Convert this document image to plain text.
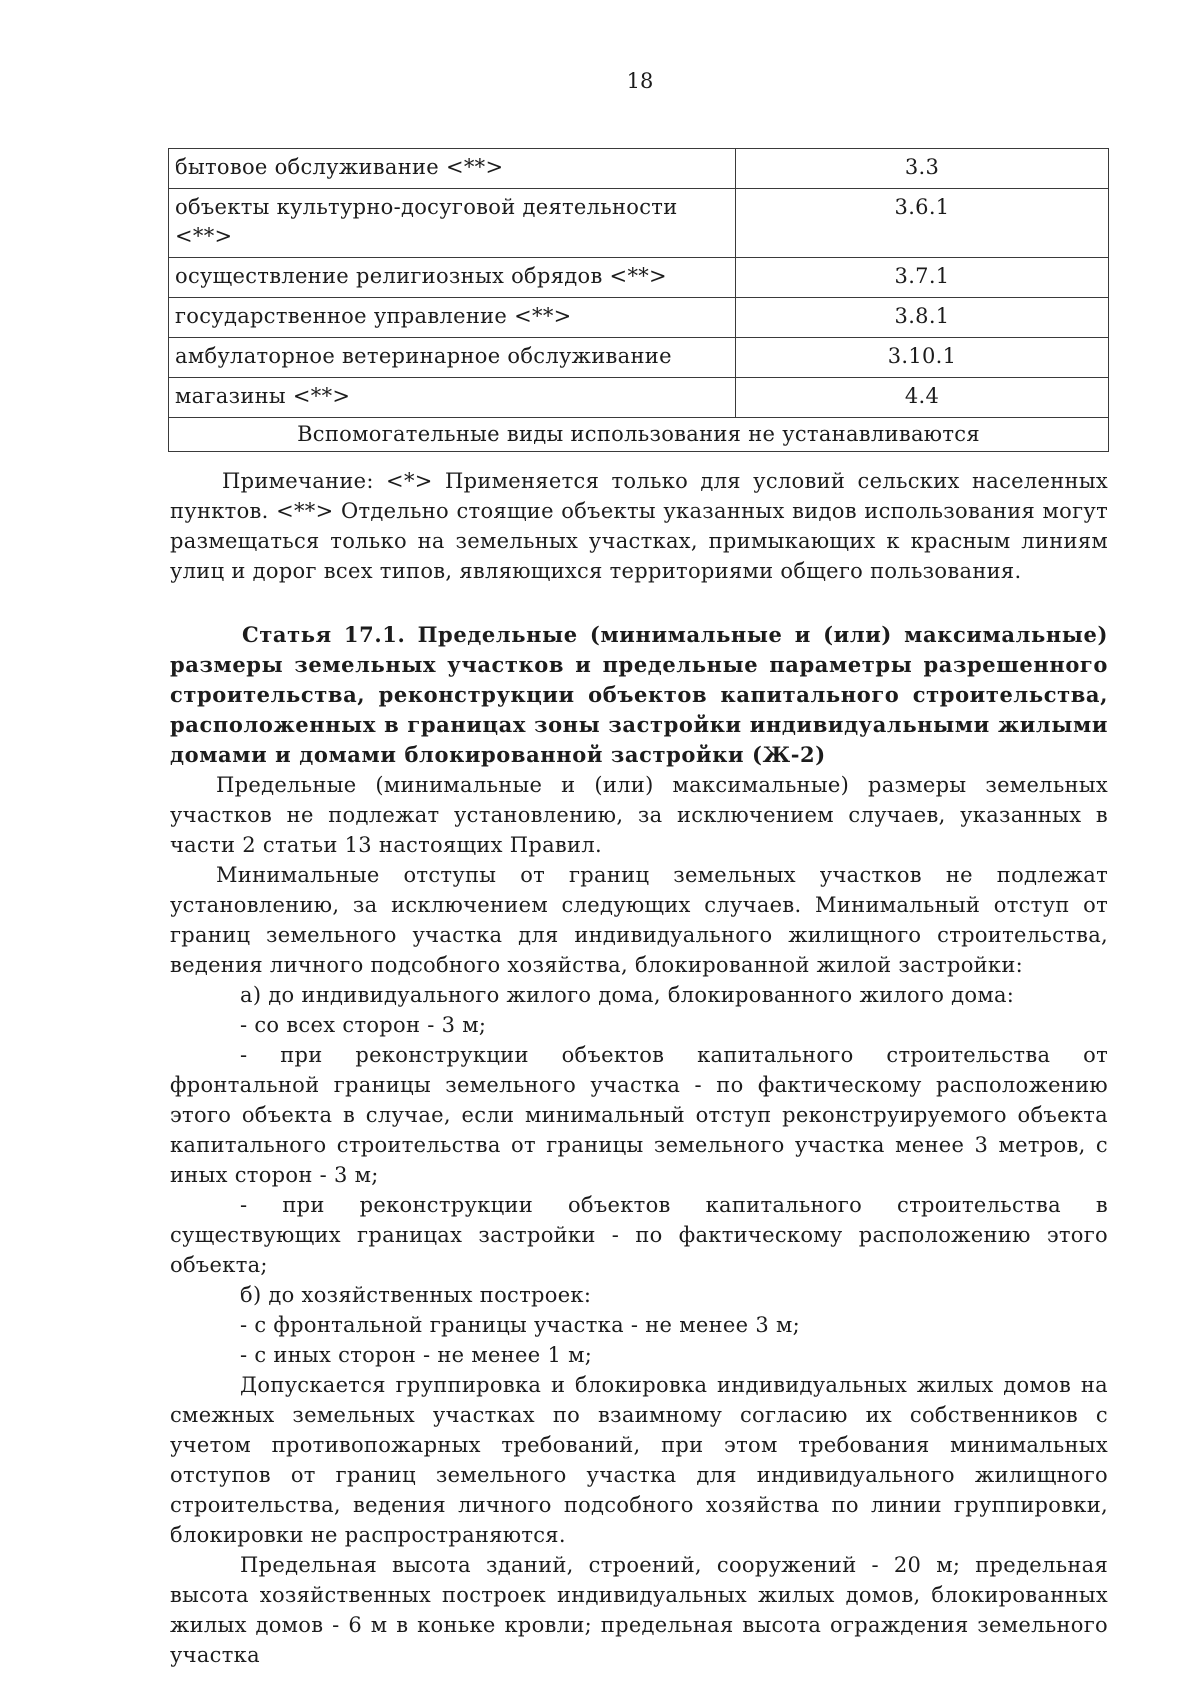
18
бытовое обслуживание <**>	3.3
объекты культурно-досуговой деятельности <**>	3.6.1
осуществление религиозных обрядов <**>	3.7.1
государственное управление <**>	3.8.1
амбулаторное ветеринарное обслуживание	3.10.1
магазины <**>	4.4
Вспомогательные виды использования не устанавливаются	

Примечание: <*> Применяется только для условий сельских населенных пунктов. <**> Отдельно стоящие объекты указанных видов использования могут размещаться только на земельных участках, примыкающих к красным линиям улиц и дорог всех типов, являющихся территориями общего пользования.

Статья 17.1. Предельные (минимальные и (или) максимальные) размеры земельных участков и предельные параметры разрешенного строительства, реконструкции объектов капитального строительства, расположенных в границах зоны застройки индивидуальными жилыми домами и домами блокированной застройки (Ж-2)

Предельные (минимальные и (или) максимальные) размеры земельных участков не подлежат установлению, за исключением случаев, указанных в части 2 статьи 13 настоящих Правил.

Минимальные отступы от границ земельных участков не подлежат установлению, за исключением следующих случаев. Минимальный отступ от границ земельного участка для индивидуального жилищного строительства, ведения личного подсобного хозяйства, блокированной жилой застройки:

а) до индивидуального жилого дома, блокированного жилого дома:

- со всех сторон - 3 м;

- при реконструкции объектов капитального строительства от фронтальной границы земельного участка - по фактическому расположению этого объекта в случае, если минимальный отступ реконструируемого объекта капитального строительства от границы земельного участка менее 3 метров, с иных сторон - 3 м;

- при реконструкции объектов капитального строительства в существующих границах застройки - по фактическому расположению этого объекта;

б) до хозяйственных построек:

- с фронтальной границы участка - не менее 3 м;

- с иных сторон - не менее 1 м;

Допускается группировка и блокировка индивидуальных жилых домов на смежных земельных участках по взаимному согласию их собственников с учетом противопожарных требований, при этом требования минимальных отступов от границ земельного участка для индивидуального жилищного строительства, ведения личного подсобного хозяйства по линии группировки, блокировки не распространяются.

Предельная высота зданий, строений, сооружений - 20 м; предельная высота хозяйственных построек индивидуальных жилых домов, блокированных жилых домов - 6 м в коньке кровли; предельная высота ограждения земельного участка
